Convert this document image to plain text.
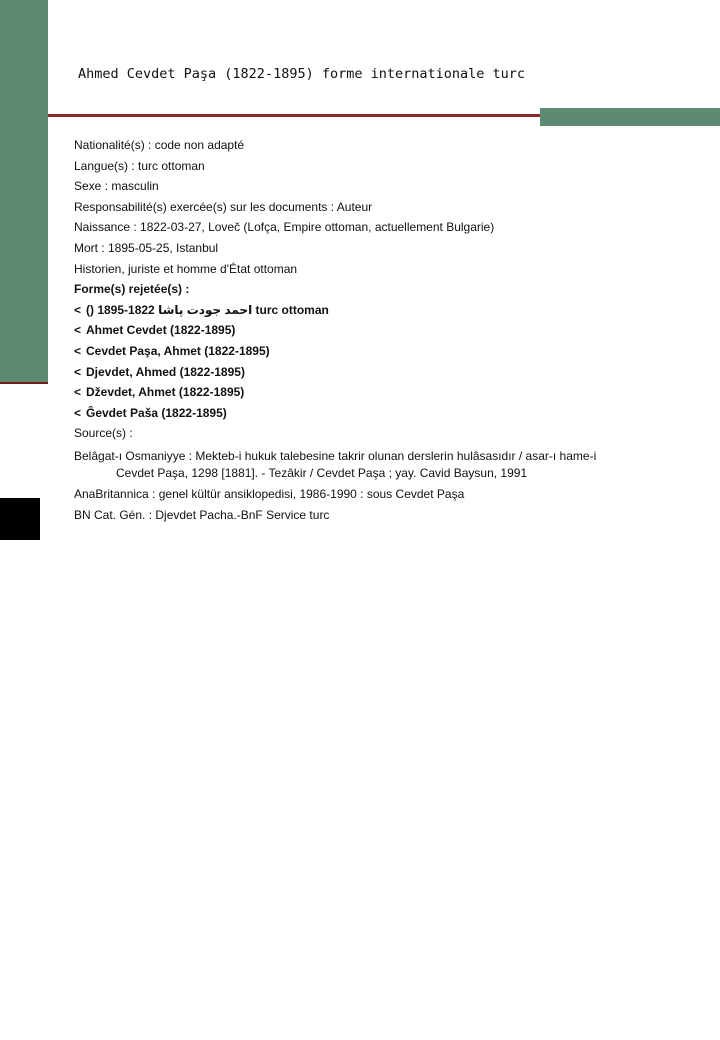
{
Ahmed Cevdet Paşa (1822-1895) forme internationale turc
Nationalité(s) : code non adapté
Langue(s) : turc ottoman
Sexe : masculin
Responsabilité(s) exercée(s) sur les documents : Auteur
Naissance : 1822-03-27, Loveč (Lofça, Empire ottoman, actuellement Bulgarie)
Mort : 1895-05-25, Istanbul
Historien, juriste et homme d'État ottoman
Forme(s) rejetée(s) :
< () احمد جودت پاشا 1822-1895 turc ottoman
< Ahmet Cevdet (1822-1895)
< Cevdet Paşa, Ahmet (1822-1895)
< Djevdet, Ahmed (1822-1895)
< Dževdet, Ahmet (1822-1895)
< Ĝevdet Paša (1822-1895)
Source(s) :
Belâgat-ı Osmaniyye : Mekteb-i hukuk talebesine takrir olunan derslerin hulâsasıdır / asar-ı hame-i
Cevdet Paşa, 1298 [1881]. - Tezâkir / Cevdet Paşa ; yay. Cavid Baysun, 1991
AnaBritannica : genel kültür ansiklopedisi, 1986-1990 : sous Cevdet Paşa
BN Cat. Gén. : Djevdet Pacha.-BnF Service turc
